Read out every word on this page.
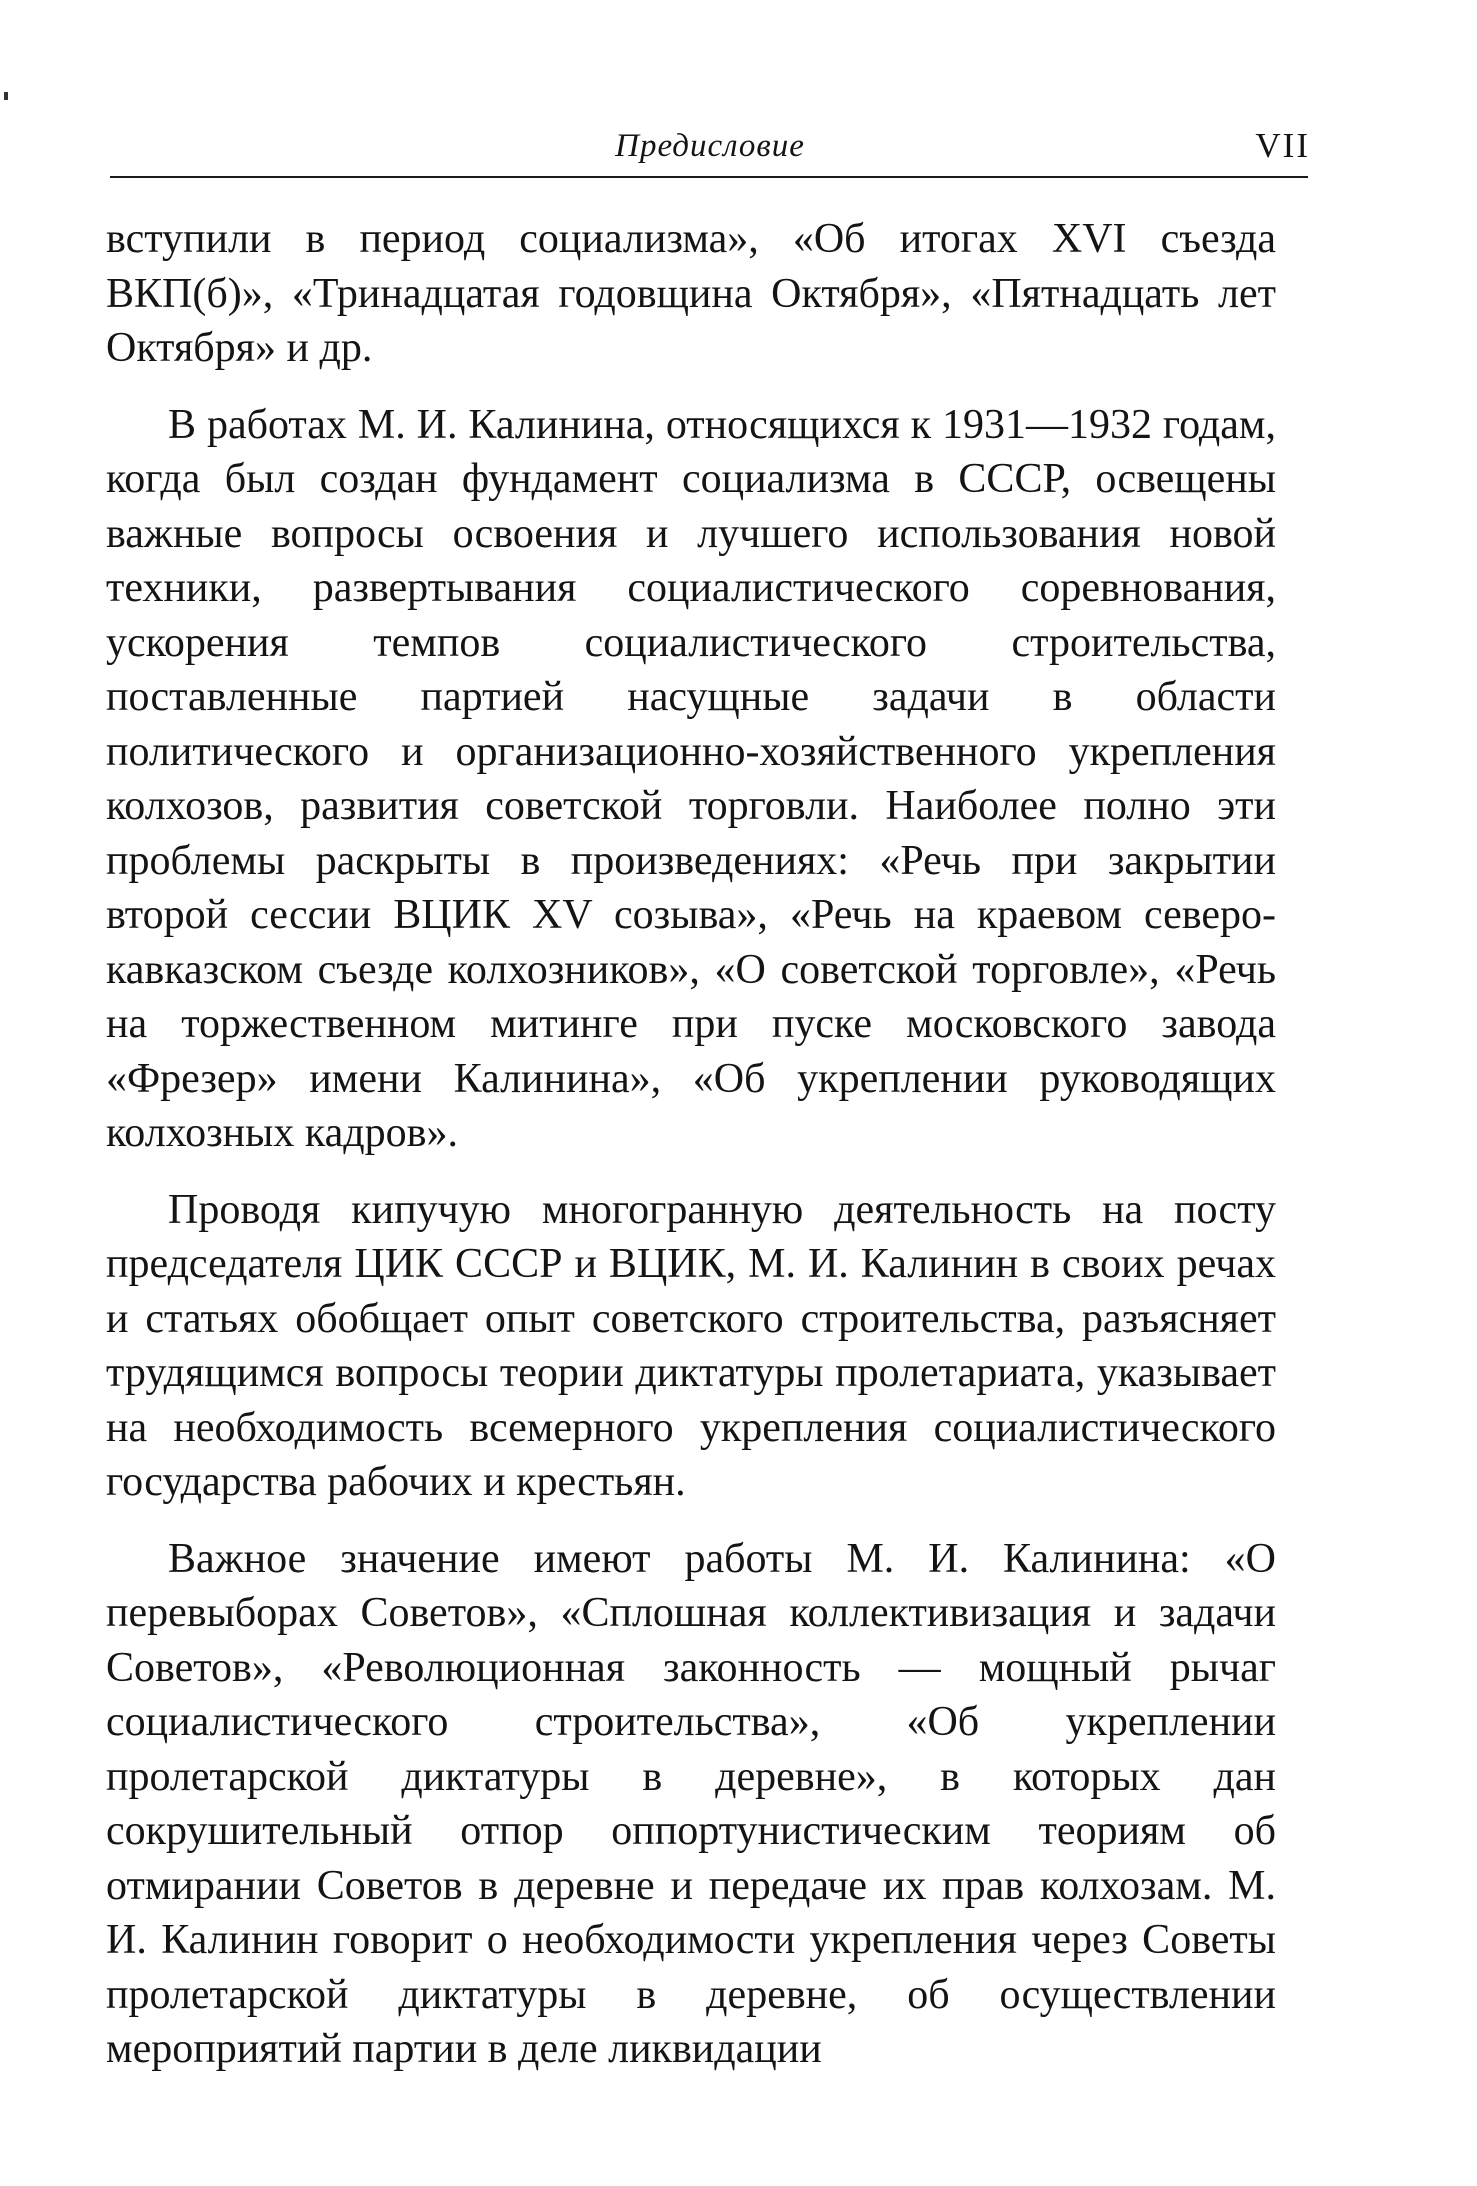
Предисловие	VII

вступили в период социализма», «Об итогах XVI съезда ВКП(б)», «Тринадцатая годовщина Октября», «Пятнадцать лет Октября» и др.

В работах М. И. Калинина, относящихся к 1931—1932 годам, когда был создан фундамент социализма в СССР, освещены важные вопросы освоения и лучшего использования новой техники, развертывания социалистического соревнования, ускорения темпов социалистического строительства, поставленные партией насущные задачи в области политического и организационно-хозяйственного укрепления колхозов, развития советской торговли. Наиболее полно эти проблемы раскрыты в произведениях: «Речь при закрытии второй сессии ВЦИК XV созыва», «Речь на краевом северо-кавказском съезде колхозников», «О советской торговле», «Речь на торжественном митинге при пуске московского завода «Фрезер» имени Калинина», «Об укреплении руководящих колхозных кадров».

Проводя кипучую многогранную деятельность на посту председателя ЦИК СССР и ВЦИК, М. И. Калинин в своих речах и статьях обобщает опыт советского строительства, разъясняет трудящимся вопросы теории диктатуры пролетариата, указывает на необходимость всемерного укрепления социалистического государства рабочих и крестьян.

Важное значение имеют работы М. И. Калинина: «О перевыборах Советов», «Сплошная коллективизация и задачи Советов», «Революционная законность — мощный рычаг социалистического строительства», «Об укреплении пролетарской диктатуры в деревне», в которых дан сокрушительный отпор оппортунистическим теориям об отмирании Советов в деревне и передаче их прав колхозам. М. И. Калинин говорит о необходимости укрепления через Советы пролетарской диктатуры в деревне, об осуществлении мероприятий партии в деле ликвидации
